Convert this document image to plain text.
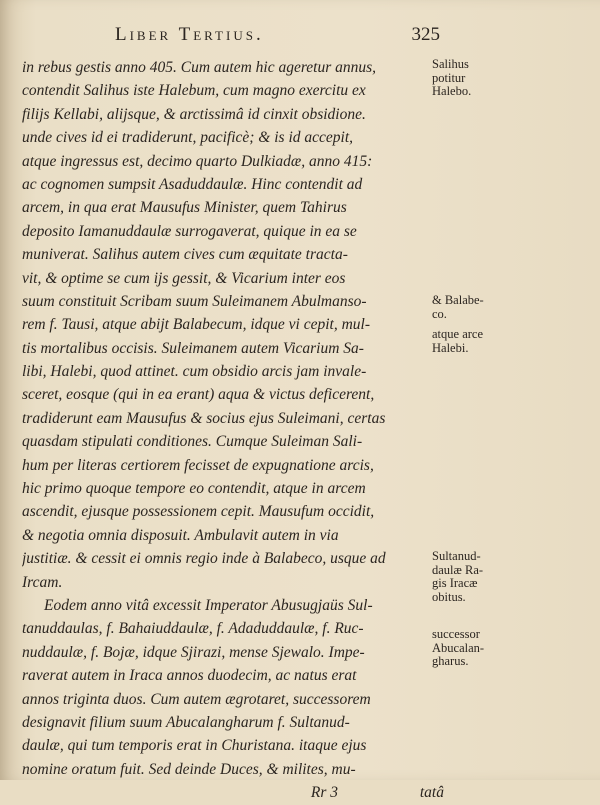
Liber Tertius.	325
in rebus gestis anno 405. Cum autem hic ageretur annus,
contendit Salihus iste Halebum, cum magno exercitu ex
filijs Kellabi, alijsque, & arctissimâ id cinxit obsidione.
unde cives id ei tradiderunt, pacificè; & is id accepit,
atque ingressus est, decimo quarto Dulkiadæ, anno 415:
ac cognomen sumpsit Asaduddaulæ. Hinc contendit ad
arcem, in qua erat Mausufus Minister, quem Tahirus
deposito Iamanuddaulæ surrogaverat, quique in ea se
muniverat. Salihus autem cives cum æquitate tracta-
vit, & optime se cum ijs gessit, & Vicarium inter eos
suum constituit Scribam suum Suleimanem Abulmanso-
rem f. Tausi, atque abijt Balabecum, idque vi cepit, mul-
tis mortalibus occisis. Suleimanem autem Vicarium Sa-
libi, Halebi, quod attinet. cum obsidio arcis jam invale-
sceret, eosque (qui in ea erant) aqua & victus deficerent,
tradiderunt eam Mausufus & socius ejus Suleimani, certas
quasdam stipulati conditiones. Cumque Suleiman Sali-
hum per literas certiorem fecisset de expugnatione arcis,
hic primo quoque tempore eo contendit, atque in arcem
ascendit, ejusque possessionem cepit. Mausufum occidit,
& negotia omnia disposuit. Ambulavit autem in via
justitiæ. & cessit ei omnis regio inde à Balabeco, usque ad
Ircam.
Eodem anno vitâ excessit Imperator Abusugjaüs Sul-
tanuddaulas, f. Bahaiuddaulæ, f. Adaduddaulæ, f. Ruc-
nuddaulæ, f. Bojæ, idque Sjirazi, mense Sjewalo. Impe-
raverat autem in Iraca annos duodecim, ac natus erat
annos triginta duos. Cum autem ægrotaret, successorem
designavit filium suum Abucalangharum f. Sultanud-
daulæ, qui tum temporis erat in Churistana. itaque ejus
nomine oratum fuit. Sed deinde Duces, & milites, mu-
Rr 3	tatâ
Salihus
potitur
Halebo.
& Balabe-
co.
atque arce
Halebi.
Sultanud-
daulæ Ra-
gis Iracæ
obitus.
successor
Abucalan-
gharus.
